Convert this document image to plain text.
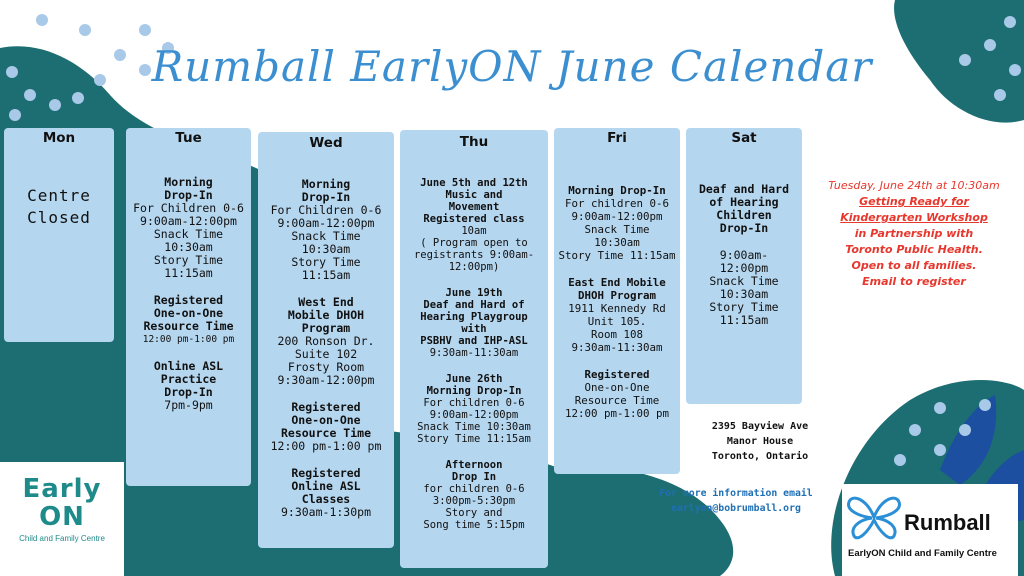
Rumball EarlyON June Calendar
Mon
Centre
Closed
Tue
Morning
Drop-In
For Children 0-6
9:00am-12:00pm
Snack Time
10:30am
Story Time
11:15am
Registered
One-on-One
Resource Time
12:00 pm-1:00 pm
Online ASL
Practice
Drop-In
7pm-9pm
Wed
Morning
Drop-In
For Children 0-6
9:00am-12:00pm
Snack Time
10:30am
Story Time
11:15am
West End
Mobile DHOH
Program
200 Ronson Dr.
Suite 102
Frosty Room
9:30am-12:00pm
Registered
One-on-One
Resource Time
12:00 pm-1:00 pm
Registered
Online ASL
Classes
9:30am-1:30pm
Thu
June 5th and 12th
Music and
Movement
Registered class
10am
( Program open to
registrants 9:00am-
12:00pm)
June 19th
Deaf and Hard of
Hearing Playgroup
with
PSBHV and IHP-ASL
9:30am-11:30am
June 26th
Morning Drop-In
For children 0-6
9:00am-12:00pm
Snack Time 10:30am
Story Time 11:15am
Afternoon
Drop In
for children 0-6
3:00pm-5:30pm
Story and
Song time 5:15pm
Fri
Morning Drop-In
For children 0-6
9:00am-12:00pm
Snack Time
10:30am
Story Time 11:15am
East End Mobile
DHOH Program
1911 Kennedy Rd
Unit 105.
Room 108
9:30am-11:30am
Registered
One-on-One
Resource Time
12:00 pm-1:00 pm
Sat
Deaf and Hard
of Hearing
Children
Drop-In
9:00am-
12:00pm
Snack Time
10:30am
Story Time
11:15am
Tuesday, June 24th at 10:30am
Getting Ready for
Kindergarten Workshop
in Partnership with
Toronto Public Health.
Open to all families.
Email to register
2395 Bayview Ave
Manor House
Toronto, Ontario
For more information email
earlyon@bobrumball.org
Early
ON
Child and Family Centre
Rumball
EarlyON Child and Family Centre
